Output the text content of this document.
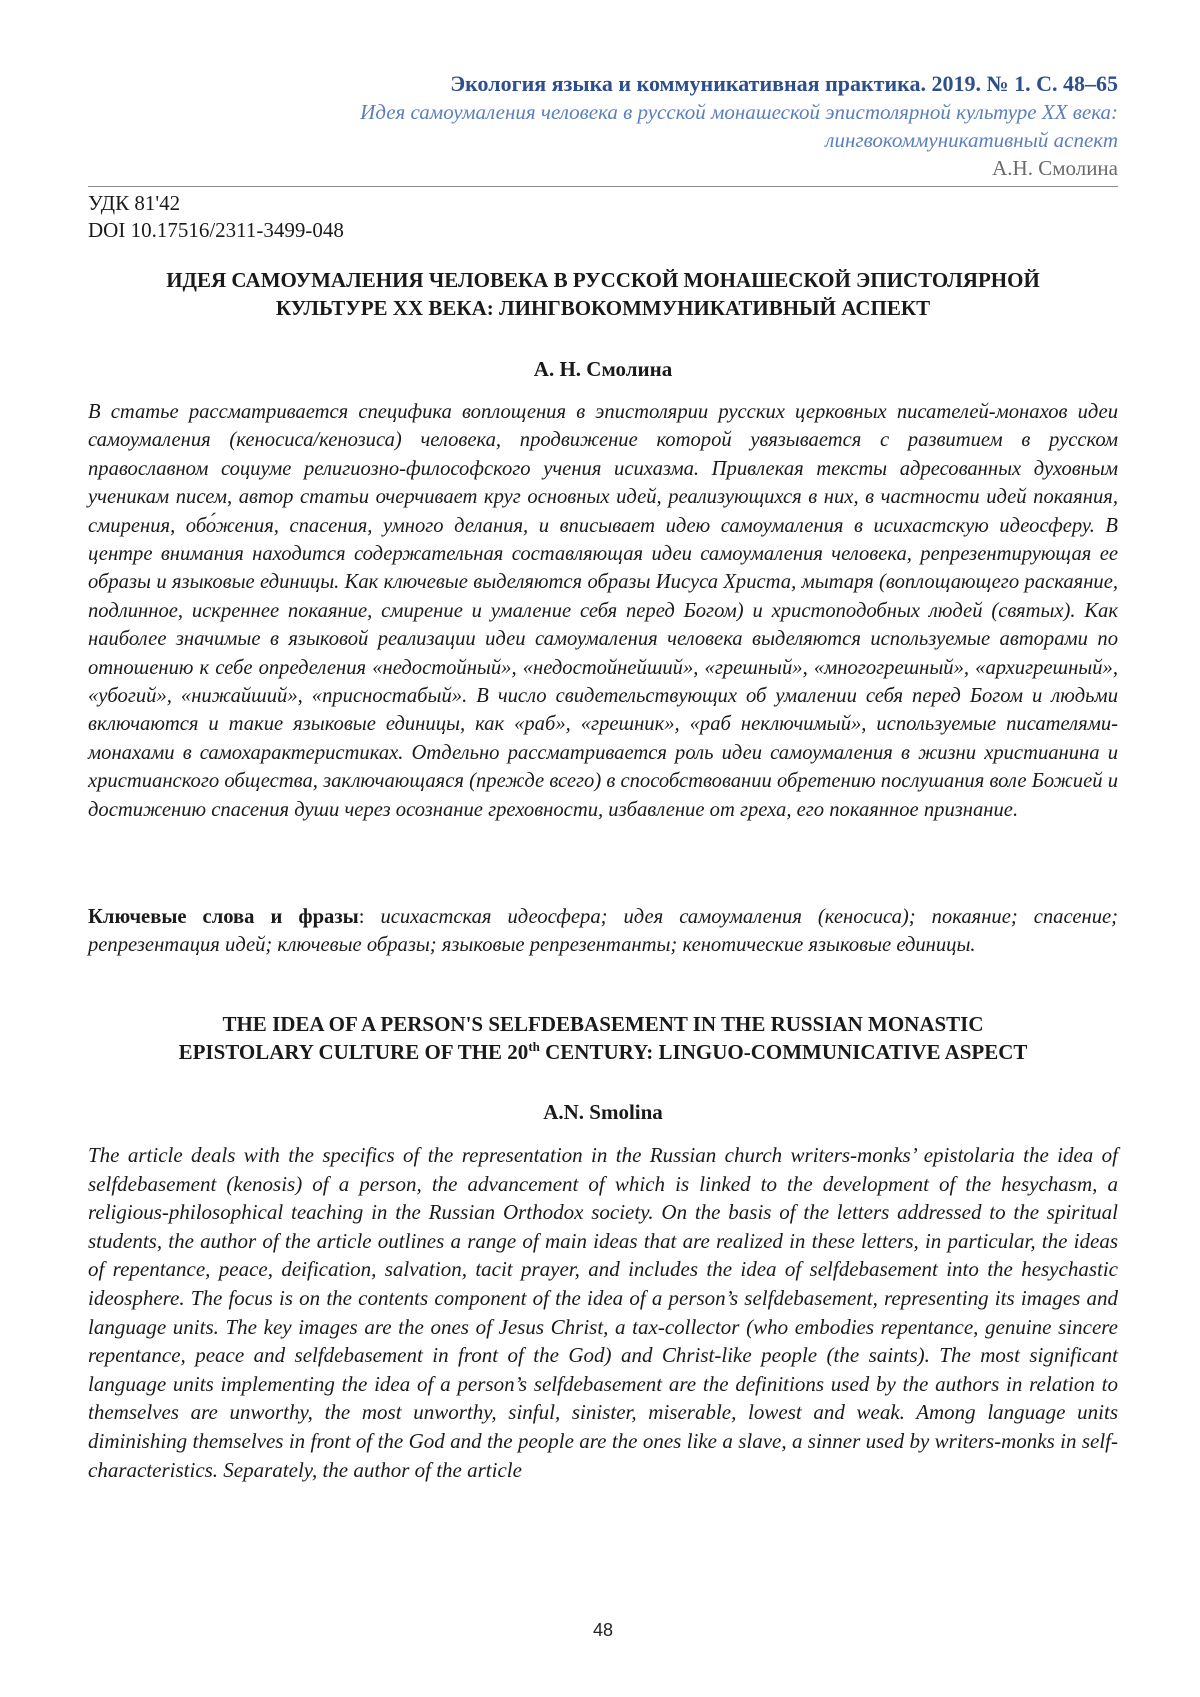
Экология языка и коммуникативная практика. 2019. № 1. С. 48–65
Идея самоумаления человека в русской монашеской эпистолярной культуре XX века:
лингвокоммуникативный аспект
А.Н. Смолина
УДК 81'42
DOI 10.17516/2311-3499-048
ИДЕЯ САМОУМАЛЕНИЯ ЧЕЛОВЕКА В РУССКОЙ МОНАШЕСКОЙ ЭПИСТОЛЯРНОЙ
КУЛЬТУРЕ XX ВЕКА: ЛИНГВОКОММУНИКАТИВНЫЙ АСПЕКТ
А. Н. Смолина
В статье рассматривается специфика воплощения в эпистолярии русских церковных писателей-монахов идеи самоумаления (кеносиса/кенозиса) человека, продвижение которой увязывается с развитием в русском православном социуме религиозно-философского учения исихазма. Привлекая тексты адресованных духовным ученикам писем, автор статьи очерчивает круг основных идей, реализующихся в них, в частности идей покаяния, смирения, обо́жения, спасения, умного делания, и вписывает идею самоумаления в исихастскую идеосферу. В центре внимания находится содержательная составляющая идеи самоумаления человека, репрезентирующая ее образы и языковые единицы. Как ключевые выделяются образы Иисуса Христа, мытаря (воплощающего раскаяние, подлинное, искреннее покаяние, смирение и умаление себя перед Богом) и христоподобных людей (святых). Как наиболее значимые в языковой реализации идеи самоумаления человека выделяются используемые авторами по отношению к себе определения «недостойный», «недостойнейший», «грешный», «многогрешный», «архигрешный», «убогий», «нижайший», «присностабый». В число свидетельствующих об умалении себя перед Богом и людьми включаются и такие языковые единицы, как «раб», «грешник», «раб неключимый», используемые писателями-монахами в самохарактеристиках. Отдельно рассматривается роль идеи самоумаления в жизни христианина и христианского общества, заключающаяся (прежде всего) в способствовании обретению послушания воле Божией и достижению спасения души через осознание греховности, избавление от греха, его покаянное признание.
Ключевые слова и фразы: исихастская идеосфера; идея самоумаления (кеносиса); покаяние; спасение; репрезентация идей; ключевые образы; языковые репрезентанты; кенотические языковые единицы.
THE IDEA OF A PERSON'S SELFDEBASEMENT IN THE RUSSIAN MONASTIC
EPISTOLARY CULTURE OF THE 20th CENTURY: LINGUO-COMMUNICATIVE ASPECT
A.N. Smolina
The article deals with the specifics of the representation in the Russian church writers-monks’ epistolaria the idea of selfdebasement (kenosis) of a person, the advancement of which is linked to the development of the hesychasm, a religious-philosophical teaching in the Russian Orthodox society. On the basis of the letters addressed to the spiritual students, the author of the article outlines a range of main ideas that are realized in these letters, in particular, the ideas of repentance, peace, deification, salvation, tacit prayer, and includes the idea of selfdebasement into the hesychastic ideosphere. The focus is on the contents component of the idea of a person’s selfdebasement, representing its images and language units. The key images are the ones of Jesus Christ, a tax-collector (who embodies repentance, genuine sincere repentance, peace and selfdebasement in front of the God) and Christ-like people (the saints). The most significant language units implementing the idea of a person’s selfdebasement are the definitions used by the authors in relation to themselves are unworthy, the most unworthy, sinful, sinister, miserable, lowest and weak. Among language units diminishing themselves in front of the God and the people are the ones like a slave, a sinner used by writers-monks in self-characteristics. Separately, the author of the article
48
